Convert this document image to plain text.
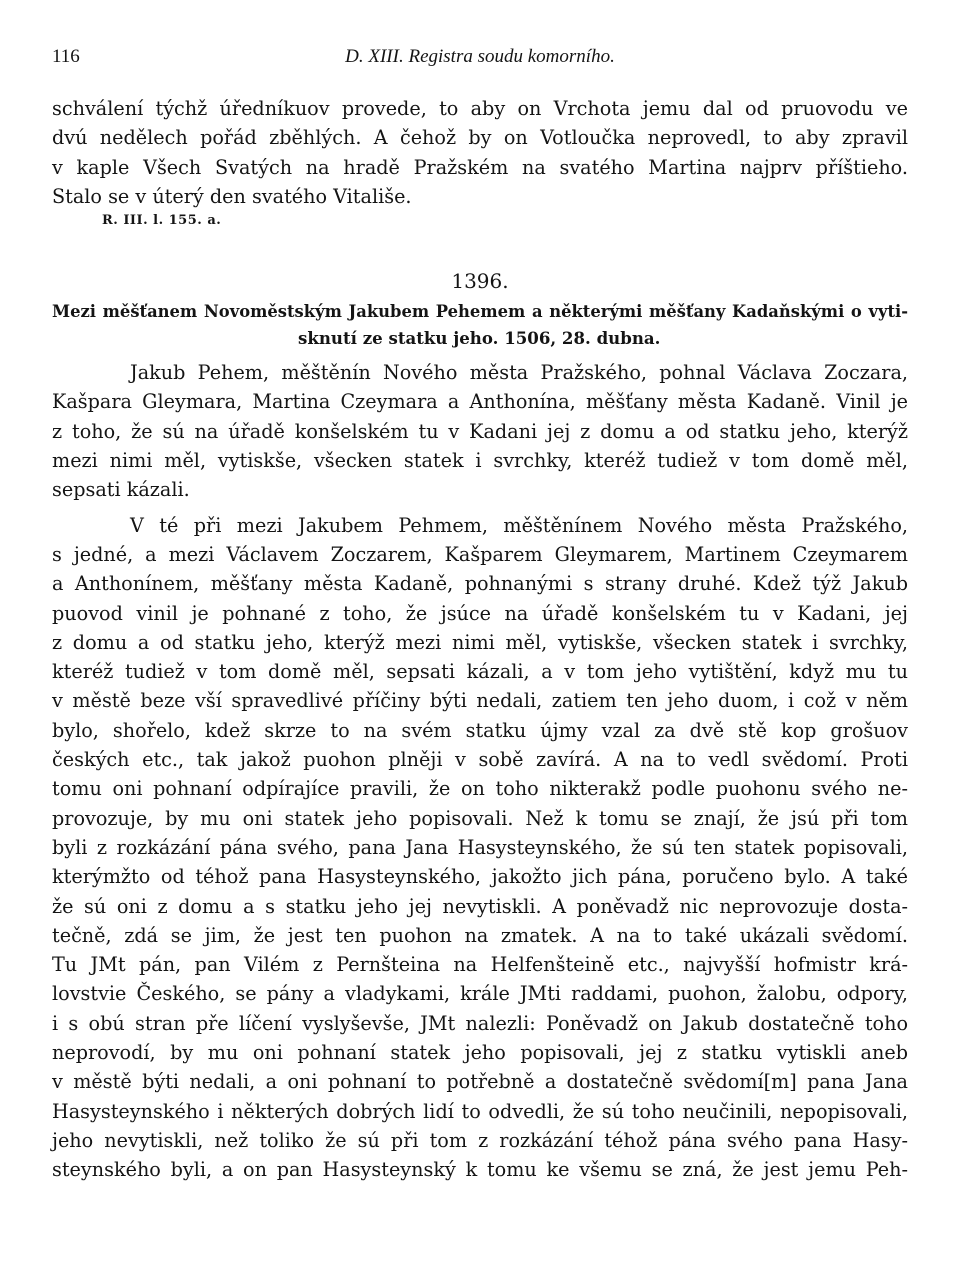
116	D. XIII. Registra soudu komorního.

schválení týchž úředníkuov provede, to aby on Vrchota jemu dal od pruovodu ve
dvú nedělech pořád zběhlých. A čehož by on Votloučka neprovedl, to aby zpravil
v kaple Všech Svatých na hradě Pražském na svatého Martina najprv příštieho.
Stalo se v úterý den svatého Vitališe.

R. III. l. 155. a.
1396.
Mezi měšťanem Novoměstským Jakubem Pehemem a některými měšťany Kadaňskými o vyti-
sknutí ze statku jeho. 1506, 28. dubna.

Jakub Pehem, měštěnín Nového města Pražského, pohnal Václava Zoczara,
Kašpara Gleymara, Martina Czeymara a Anthonína, měšťany města Kadaně. Vinil je
z toho, že sú na úřadě konšelském tu v Kadani jej z domu a od statku jeho, kterýž
mezi nimi měl, vytiskše, všecken statek i svrchky, kteréž tudiež v tom domě měl,
sepsati kázali.

V té při mezi Jakubem Pehmem, měštěnínem Nového města Pražského,
s jedné, a mezi Václavem Zoczarem, Kašparem Gleymarem, Martinem Czeymarem
a Anthonínem, měšťany města Kadaně, pohnanými s strany druhé. Kdež týž Jakub
puovod vinil je pohnané z toho, že jsúce na úřadě konšelském tu v Kadani, jej
z domu a od statku jeho, kterýž mezi nimi měl, vytiskše, všecken statek i svrchky,
kteréž tudiež v tom domě měl, sepsati kázali, a v tom jeho vytištění, když mu tu
v městě beze vší spravedlivé příčiny býti nedali, zatiem ten jeho duom, i což v něm
bylo, shořelo, kdež skrze to na svém statku újmy vzal za dvě stě kop grošuov
českých etc., tak jakož puohon plněji v sobě zavírá. A na to vedl svědomí. Proti
tomu oni pohnaní odpírajíce pravili, že on toho nikterakž podle puohonu svého ne-
provozuje, by mu oni statek jeho popisovali. Než k tomu se znají, že jsú při tom
byli z rozkázání pána svého, pana Jana Hasysteynského, že sú ten statek popisovali,
kterýmžto od téhož pana Hasysteynského, jakožto jich pána, poručeno bylo. A také
že sú oni z domu a s statku jeho jej nevytiskli. A poněvadž nic neprovozuje dosta-
tečně, zdá se jim, že jest ten puohon na zmatek. A na to také ukázali svědomí.
Tu JMt pán, pan Vilém z Pernšteina na Helfenšteině etc., najvyšší hofmistr krá-
lovstvie Českého, se pány a vladykami, krále JMti raddami, puohon, žalobu, odpory,
i s obú stran pře líčení vyslyševše, JMt nalezli: Poněvadž on Jakub dostatečně toho
neprovodí, by mu oni pohnaní statek jeho popisovali, jej z statku vytiskli aneb
v městě býti nedali, a oni pohnaní to potřebně a dostatečně svědomí[m] pana Jana
Hasysteynského i některých dobrých lidí to odvedli, že sú toho neučinili, nepopisovali,
jeho nevytiskli, než toliko že sú při tom z rozkázání téhož pána svého pana Hasy-
steynského byli, a on pan Hasysteynský k tomu ke všemu se zná, že jest jemu Peh-
